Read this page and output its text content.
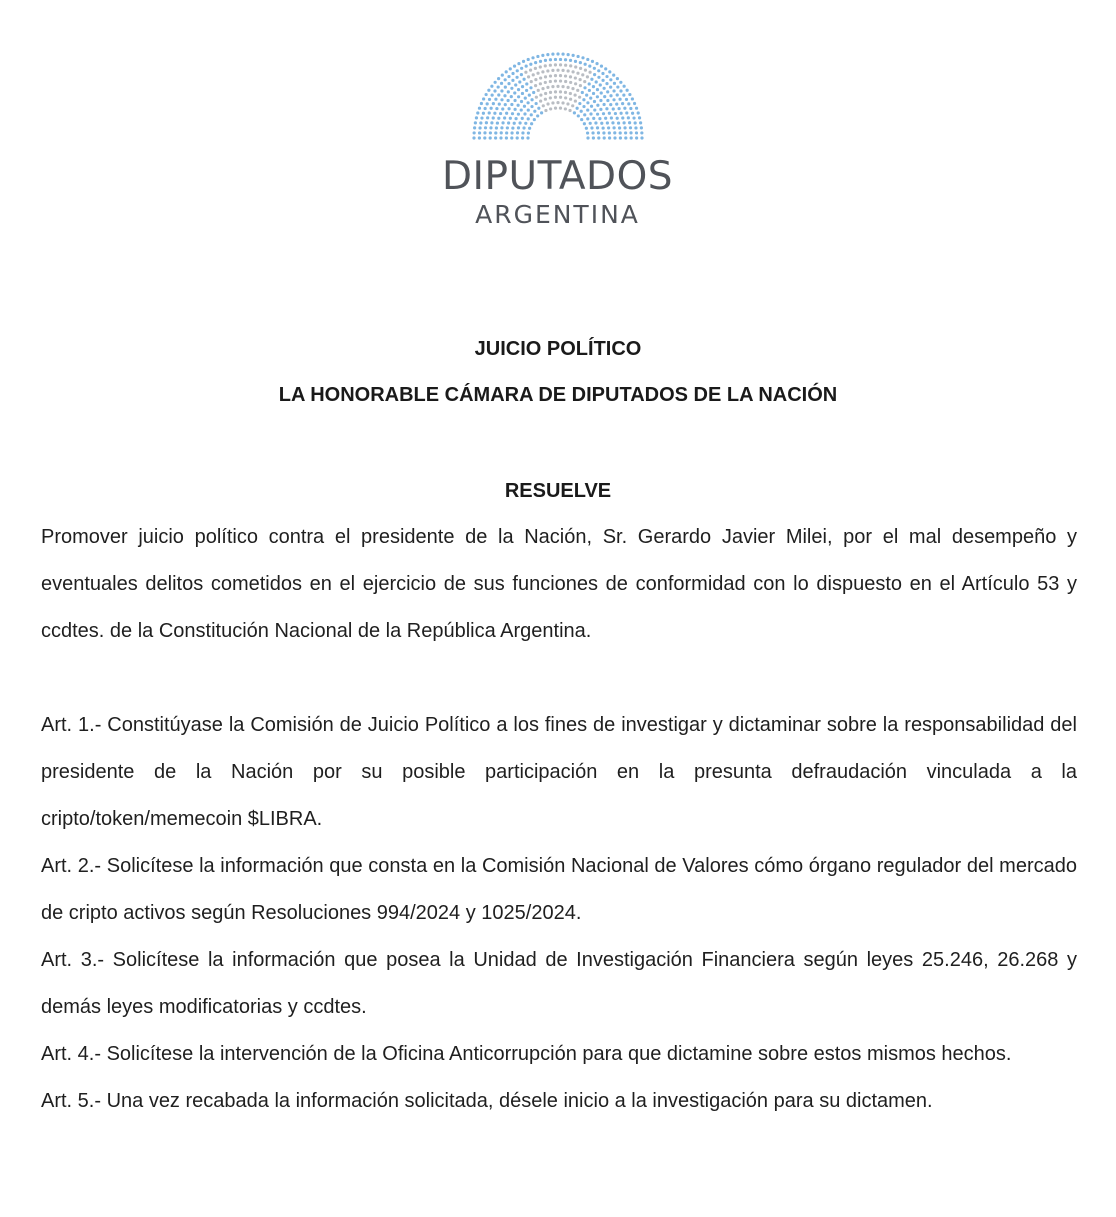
DIPUTADOS
ARGENTINA
JUICIO POLÍTICO
LA HONORABLE CÁMARA DE DIPUTADOS DE LA NACIÓN
RESUELVE
Promover juicio político contra el presidente de la Nación, Sr. Gerardo Javier Milei, por el mal desempeño y eventuales delitos cometidos en el ejercicio de sus funciones de conformidad con lo dispuesto en el Artículo 53 y ccdtes. de la Constitución Nacional de la República Argentina.

Art. 1.- Constitúyase la Comisión de Juicio Político a los fines de investigar y dictaminar sobre la responsabilidad del presidente de la Nación por su posible participación en la presunta defraudación vinculada a la cripto/token/memecoin $LIBRA.

Art. 2.- Solicítese la información que consta en la Comisión Nacional de Valores cómo órgano regulador del mercado de cripto activos según Resoluciones 994/2024 y 1025/2024.

Art. 3.- Solicítese la información que posea la Unidad de Investigación Financiera según leyes 25.246, 26.268 y demás leyes modificatorias y ccdtes.

Art. 4.- Solicítese la intervención de la Oficina Anticorrupción para que dictamine sobre estos mismos hechos.

Art. 5.- Una vez recabada la información solicitada, désele inicio a la investigación para su dictamen.
